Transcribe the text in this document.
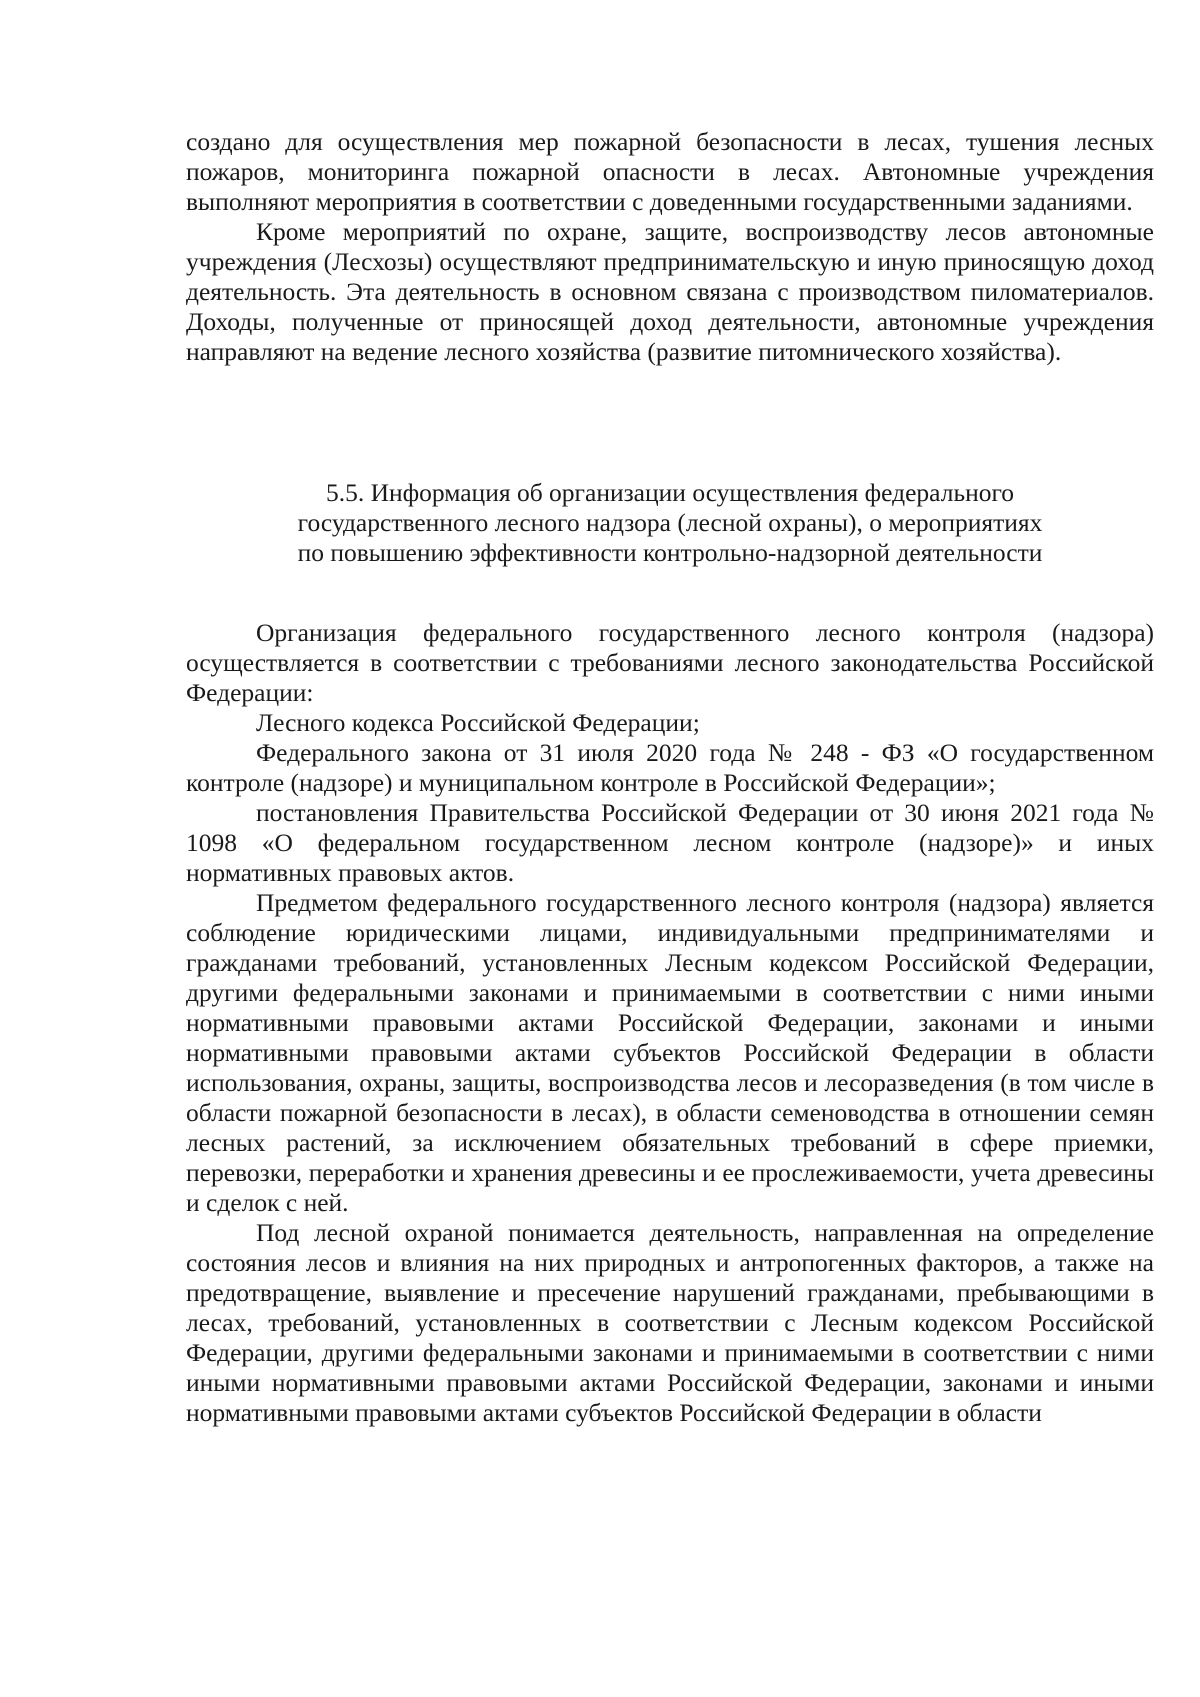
создано для осуществления мер пожарной безопасности в лесах, тушения лесных пожаров, мониторинга пожарной опасности в лесах. Автономные учреждения выполняют мероприятия в соответствии с доведенными государственными заданиями.

Кроме мероприятий по охране, защите, воспроизводству лесов автономные учреждения (Лесхозы) осуществляют предпринимательскую и иную приносящую доход деятельность. Эта деятельность в основном связана с производством пиломатериалов. Доходы, полученные от приносящей доход деятельности, автономные учреждения направляют на ведение лесного хозяйства (развитие питомнического хозяйства).

5.5. Информация об организации осуществления федерального
государственного лесного надзора (лесной охраны), о мероприятиях
по повышению эффективности контрольно-надзорной деятельности

Организация федерального государственного лесного контроля (надзора) осуществляется в соответствии с требованиями лесного законодательства Российской Федерации:

Лесного кодекса Российской Федерации;

Федерального закона от 31 июля 2020 года № 248 - ФЗ «О государственном контроле (надзоре) и муниципальном контроле в Российской Федерации»;

постановления Правительства Российской Федерации от 30 июня 2021 года № 1098 «О федеральном государственном лесном контроле (надзоре)» и иных нормативных правовых актов.

Предметом федерального государственного лесного контроля (надзора) является соблюдение юридическими лицами, индивидуальными предпринимателями и гражданами требований, установленных Лесным кодексом Российской Федерации, другими федеральными законами и принимаемыми в соответствии с ними иными нормативными правовыми актами Российской Федерации, законами и иными нормативными правовыми актами субъектов Российской Федерации в области использования, охраны, защиты, воспроизводства лесов и лесоразведения (в том числе в области пожарной безопасности в лесах), в области семеноводства в отношении семян лесных растений, за исключением обязательных требований в сфере приемки, перевозки, переработки и хранения древесины и ее прослеживаемости, учета древесины и сделок с ней.

Под лесной охраной понимается деятельность, направленная на определение состояния лесов и влияния на них природных и антропогенных факторов, а также на предотвращение, выявление и пресечение нарушений гражданами, пребывающими в лесах, требований, установленных в соответствии с Лесным кодексом Российской Федерации, другими федеральными законами и принимаемыми в соответствии с ними иными нормативными правовыми актами Российской Федерации, законами и иными нормативными правовыми актами субъектов Российской Федерации в области
